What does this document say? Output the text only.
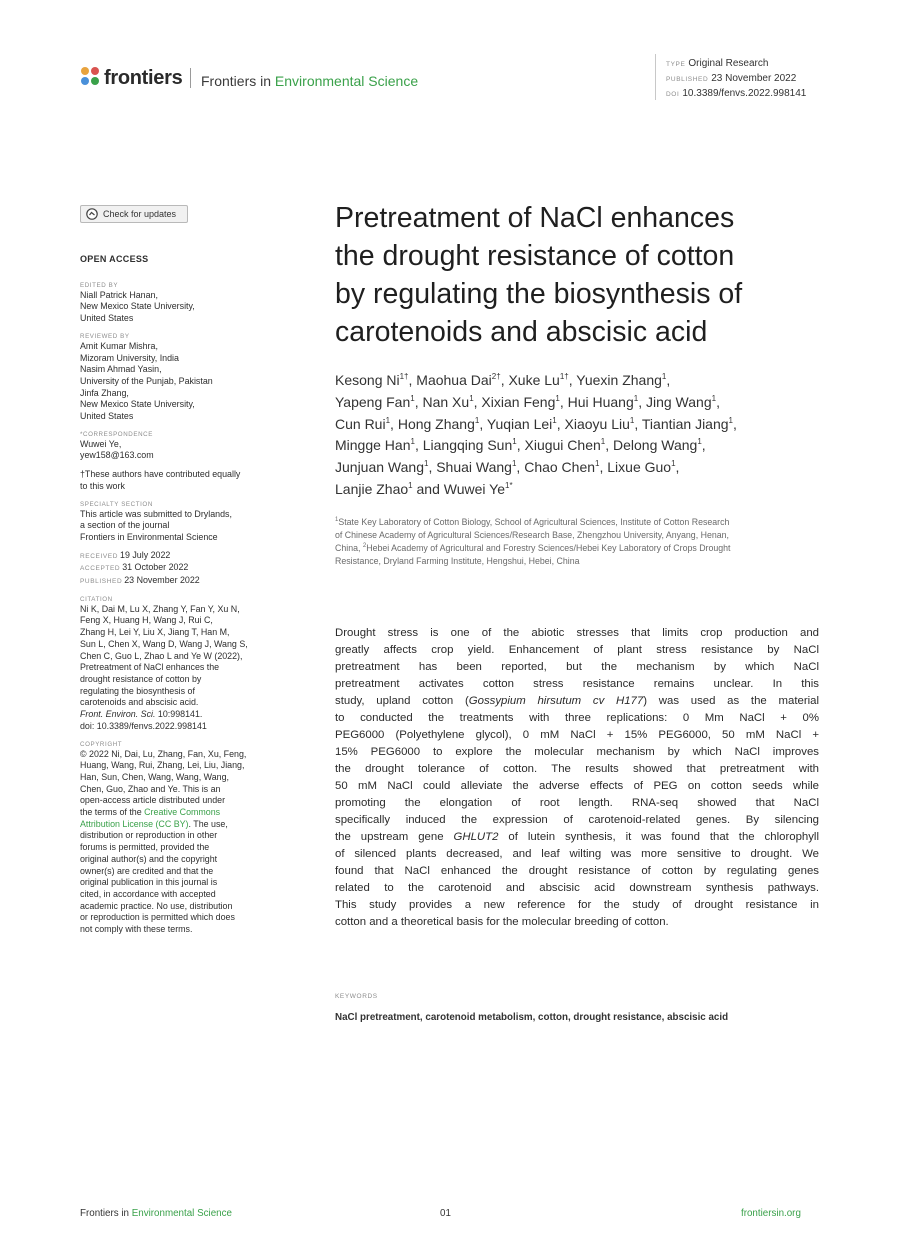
frontiers Frontiers in Environmental Science
TYPE Original Research
PUBLISHED 23 November 2022
DOI 10.3389/fenvs.2022.998141
Check for updates
OPEN ACCESS
EDITED BY
Niall Patrick Hanan,
New Mexico State University,
United States
REVIEWED BY
Amit Kumar Mishra,
Mizoram University, India
Nasim Ahmad Yasin,
University of the Punjab, Pakistan
Jinfa Zhang,
New Mexico State University,
United States
*CORRESPONDENCE
Wuwei Ye,
yew158@163.com
†These authors have contributed equally
to this work
SPECIALTY SECTION
This article was submitted to Drylands,
a section of the journal
Frontiers in Environmental Science
RECEIVED 19 July 2022
ACCEPTED 31 October 2022
PUBLISHED 23 November 2022
CITATION
Ni K, Dai M, Lu X, Zhang Y, Fan Y, Xu N,
Feng X, Huang H, Wang J, Rui C,
Zhang H, Lei Y, Liu X, Jiang T, Han M,
Sun L, Chen X, Wang D, Wang J, Wang S,
Chen C, Guo L, Zhao L and Ye W (2022),
Pretreatment of NaCl enhances the
drought resistance of cotton by
regulating the biosynthesis of
carotenoids and abscisic acid.
Front. Environ. Sci. 10:998141.
doi: 10.3389/fenvs.2022.998141
COPYRIGHT
© 2022 Ni, Dai, Lu, Zhang, Fan, Xu, Feng,
Huang, Wang, Rui, Zhang, Lei, Liu, Jiang,
Han, Sun, Chen, Wang, Wang, Wang,
Chen, Guo, Zhao and Ye. This is an
open-access article distributed under
the terms of the Creative Commons
Attribution License (CC BY). The use,
distribution or reproduction in other
forums is permitted, provided the
original author(s) and the copyright
owner(s) are credited and that the
original publication in this journal is
cited, in accordance with accepted
academic practice. No use, distribution
or reproduction is permitted which does
not comply with these terms.
Pretreatment of NaCl enhances
the drought resistance of cotton
by regulating the biosynthesis of
carotenoids and abscisic acid
Kesong $Ni^{1\dagger}$, Maohua Dai$^{2\dagger}$, Xuke $Lu^{1\dagger}$, Yuexin Zhang$^1$,
Yapeng Fan$^1$, Nan Xu$^1$, Xixian Feng$^1$, Hui Huang$^1$, Jing Wang$^1$,
Cun Rui$^1$, Hong Zhang$^1$, Yuqian Lei$^1$, Xiaoyu Liu$^1$, Tiantian Jiang$^1$,
Mingge Han$^1$, Liangqing Sun$^1$, Xiugui Chen$^1$, Delong Wang$^1$,
Junjuan Wang$^1$, Shuai Wang$^1$, Chao Chen$^1$, Lixue Guo$^1$,
Lanjie Zhao$^1$ and Wuwei $Ye^{1*}$
$^1$State Key Laboratory of Cotton Biology, School of Agricultural Sciences, Institute of Cotton Research
of Chinese Academy of Agricultural Sciences/Research Base, Zhengzhou University, Anyang, Henan,
China, $^2$Hebei Academy of Agricultural and Forestry Sciences/Hebei Key Laboratory of Crops Drought
Resistance, Dryland Farming Institute, Hengshui, Hebei, China
Drought stress is one of the abiotic stresses that limits crop production and
greatly affects crop yield. Enhancement of plant stress resistance by NaCl
pretreatment has been reported, but the mechanism by which NaCl
pretreatment activates cotton stress resistance remains unclear. In this
study, upland cotton (Gossypium hirsutum cv H177) was used as the material
to conducted the treatments with three replications: 0 Mm NaCl + 0%
PEG6000 (Polyethylene glycol), 0 mM NaCl + 15% PEG6000, 50 mM NaCl +
15% PEG6000 to explore the molecular mechanism by which NaCl improves
the drought tolerance of cotton. The results showed that pretreatment with
50 mM NaCl could alleviate the adverse effects of PEG on cotton seeds while
promoting the elongation of root length. RNA-seq showed that NaCl
specifically induced the expression of carotenoid-related genes. By silencing
the upstream gene GHLUT2 of lutein synthesis, it was found that the chlorophyll
of silenced plants decreased, and leaf wilting was more sensitive to drought. We
found that NaCl enhanced the drought resistance of cotton by regulating genes
related to the carotenoid and abscisic acid downstream synthesis pathways.
This study provides a new reference for the study of drought resistance in
cotton and a theoretical basis for the molecular breeding of cotton.
KEYWORDS
NaCl pretreatment, carotenoid metabolism, cotton, drought resistance, abscisic acid
Frontiers in Environmental Science	01	frontiersin.org
